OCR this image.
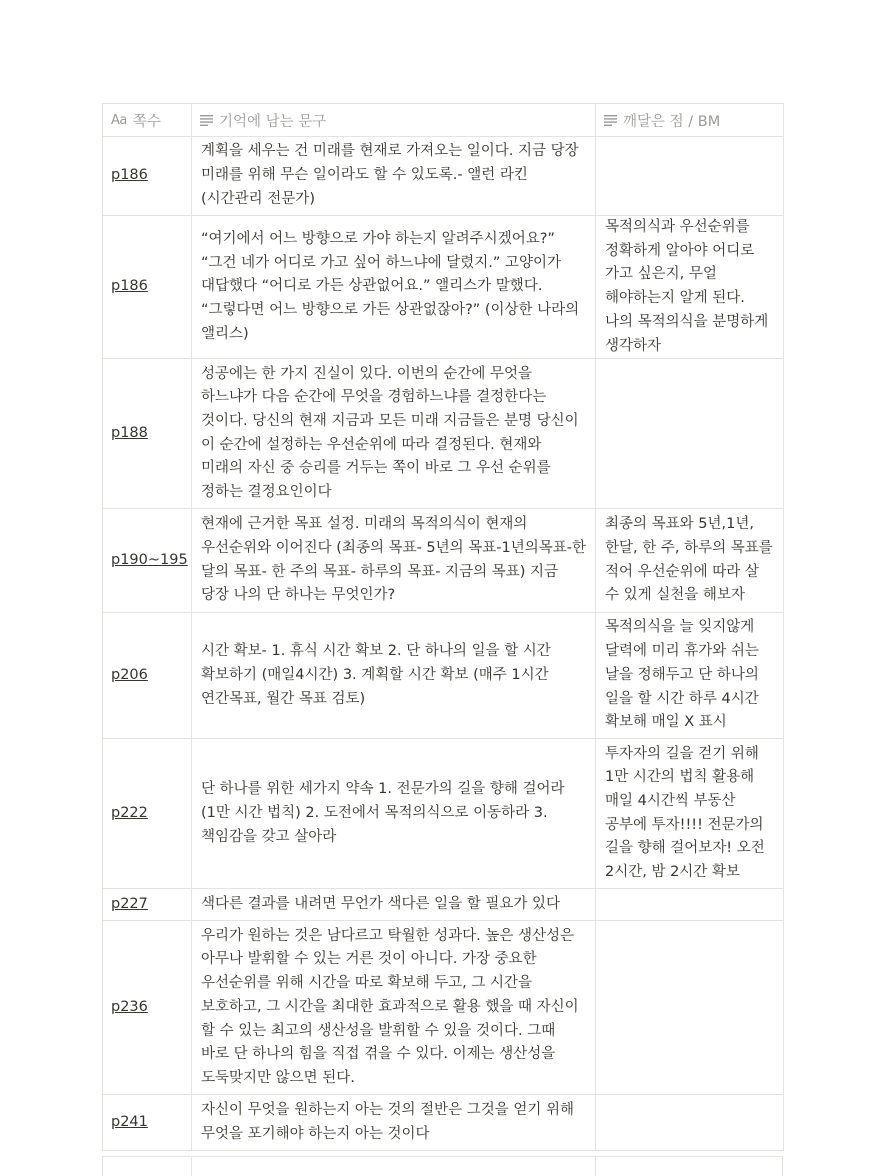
Aa 쪽수	기억에 남는 문구	깨달은 점 / BM

p186	계획을 세우는 건 미래를 현재로 가져오는 일이다. 지금 당장 미래를 위해 무슨 일이라도 할 수 있도록.- 앨런 라킨(시간관리 전문가)	

p186	“여기에서 어느 방향으로 가야 하는지 알려주시겠어요?” “그건 네가 어디로 가고 싶어 하느냐에 달렸지.” 고양이가 대답했다 “어디로 가든 상관없어요.” 앨리스가 말했다. “그렇다면 어느 방향으로 가든 상관없잖아?” (이상한 나라의 앨리스)	목적의식과 우선순위를 정확하게 알아야 어디로 가고 싶은지, 무얼 해야하는지 알게 된다. 나의 목적의식을 분명하게 생각하자

p188	성공에는 한 가지 진실이 있다. 이번의 순간에 무엇을 하느냐가 다음 순간에 무엇을 경험하느냐를 결정한다는 것이다. 당신의 현재 지금과 모든 미래 지금들은 분명 당신이 이 순간에 설정하는 우선순위에 따라 결정된다. 현재와 미래의 자신 중 승리를 거두는 쪽이 바로 그 우선 순위를 정하는 결정요인이다	

p190~195	현재에 근거한 목표 설정. 미래의 목적의식이 현재의 우선순위와 이어진다 (최종의 목표- 5년의 목표-1년의목표-한 달의 목표- 한 주의 목표- 하루의 목표- 지금의 목표) 지금 당장 나의 단 하나는 무엇인가?	최종의 목표와 5년,1년,한달, 한 주, 하루의 목표를 적어 우선순위에 따라 살 수 있게 실천을 해보자

p206	시간 확보- 1. 휴식 시간 확보 2. 단 하나의 일을 할 시간 확보하기 (매일4시간) 3. 계획할 시간 확보 (매주 1시간 연간목표, 월간 목표 검토)	목적의식을 늘 잊지않게 달력에 미리 휴가와 쉬는 날을 정해두고 단 하나의 일을 할 시간 하루 4시간 확보해 매일 X 표시

p222	단 하나를 위한 세가지 약속 1. 전문가의 길을 향해 걸어라 (1만 시간 법칙) 2. 도전에서 목적의식으로 이동하라 3. 책임감을 갖고 살아라	투자자의 길을 걷기 위해 1만 시간의 법칙 활용해 매일 4시간씩 부동산 공부에 투자!!!! 전문가의 길을 향해 걸어보자! 오전 2시간, 밤 2시간 확보

p227	색다른 결과를 내려면 무언가 색다른 일을 할 필요가 있다	

p236	우리가 원하는 것은 남다르고 탁월한 성과다. 높은 생산성은 아무나 발휘할 수 있는 거른 것이 아니다. 가장 중요한 우선순위를 위해 시간을 따로 확보해 두고, 그 시간을 보호하고, 그 시간을 최대한 효과적으로 활용 했을 때 자신이 할 수 있는 최고의 생산성을 발휘할 수 있을 것이다. 그때 바로 단 하나의 힘을 직접 겪을 수 있다. 이제는 생산성을 도둑맞지만 않으면 된다.	

p241	자신이 무엇을 원하는지 아는 것의 절반은 그것을 얻기 위해 무엇을 포기해야 하는지 아는 것이다	
